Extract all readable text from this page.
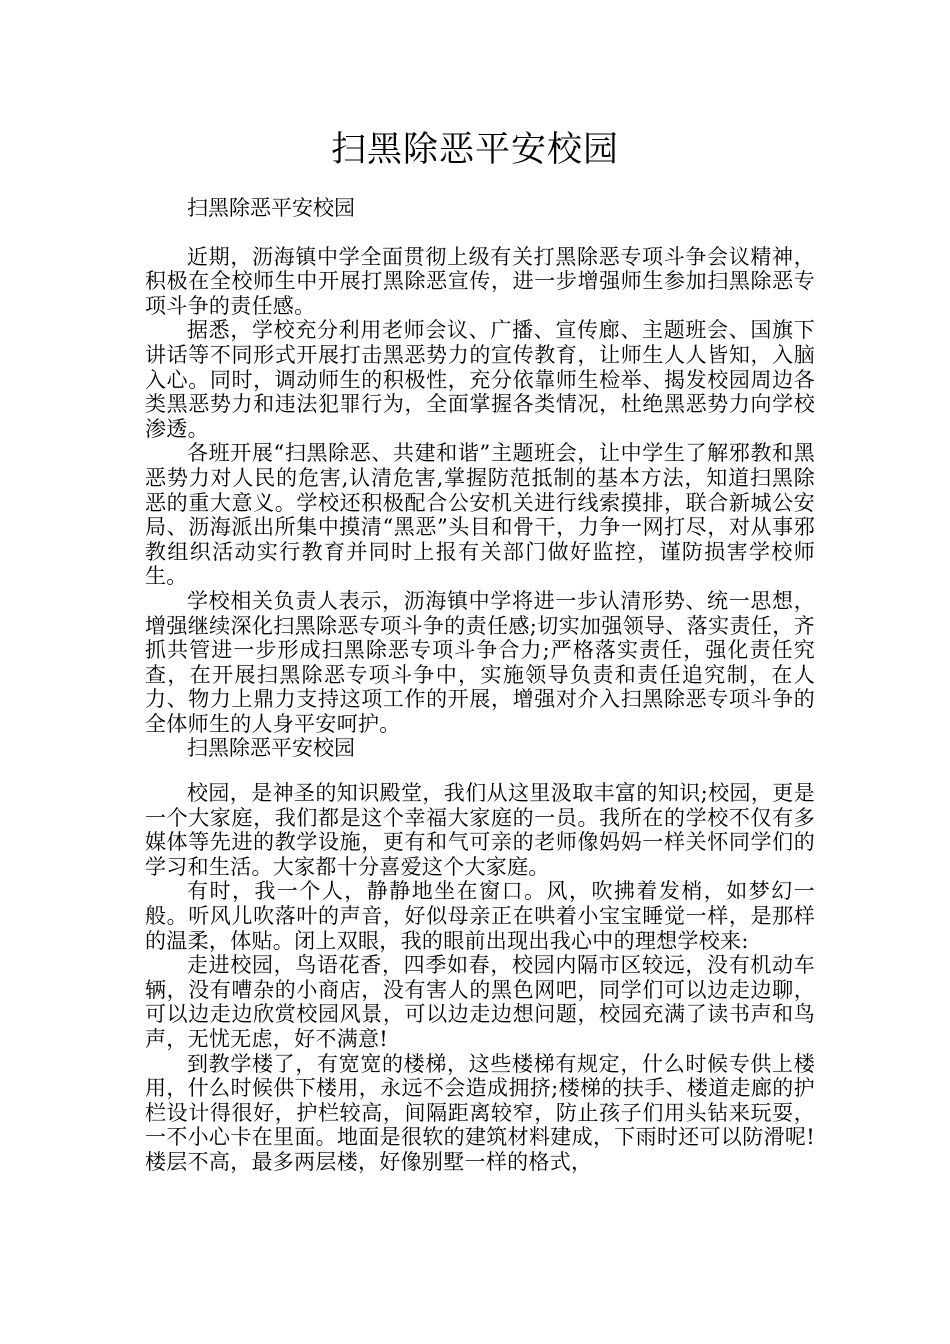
扫黑除恶平安校园

扫黑除恶平安校园

近期，沥海镇中学全面贯彻上级有关打黑除恶专项斗争会议精神，积极在全校师生中开展打黑除恶宣传，进一步增强师生参加扫黑除恶专项斗争的责任感。

据悉，学校充分利用老师会议、广播、宣传廊、主题班会、国旗下讲话等不同形式开展打击黑恶势力的宣传教育，让师生人人皆知，入脑入心。同时，调动师生的积极性，充分依靠师生检举、揭发校园周边各类黑恶势力和违法犯罪行为，全面掌握各类情况，杜绝黑恶势力向学校渗透。

各班开展“扫黑除恶、共建和谐”主题班会，让中学生了解邪教和黑恶势力对人民的危害,认清危害,掌握防范抵制的基本方法，知道扫黑除恶的重大意义。学校还积极配合公安机关进行线索摸排，联合新城公安局、沥海派出所集中摸清“黑恶”头目和骨干，力争一网打尽，对从事邪教组织活动实行教育并同时上报有关部门做好监控，谨防损害学校师生。

学校相关负责人表示，沥海镇中学将进一步认清形势、统一思想，增强继续深化扫黑除恶专项斗争的责任感;切实加强领导、落实责任，齐抓共管进一步形成扫黑除恶专项斗争合力;严格落实责任，强化责任究查，在开展扫黑除恶专项斗争中，实施领导负责和责任追究制，在人力、物力上鼎力支持这项工作的开展，增强对介入扫黑除恶专项斗争的全体师生的人身平安呵护。

扫黑除恶平安校园

校园，是神圣的知识殿堂，我们从这里汲取丰富的知识;校园，更是一个大家庭，我们都是这个幸福大家庭的一员。我所在的学校不仅有多媒体等先进的教学设施，更有和气可亲的老师像妈妈一样关怀同学们的学习和生活。大家都十分喜爱这个大家庭。

有时，我一个人，静静地坐在窗口。风，吹拂着发梢，如梦幻一般。听风儿吹落叶的声音，好似母亲正在哄着小宝宝睡觉一样，是那样的温柔，体贴。闭上双眼，我的眼前出现出我心中的理想学校来:

走进校园，鸟语花香，四季如春，校园内隔市区较远，没有机动车辆，没有嘈杂的小商店，没有害人的黑色网吧，同学们可以边走边聊，可以边走边欣赏校园风景，可以边走边想问题，校园充满了读书声和鸟声，无忧无虑，好不满意!

到教学楼了，有宽宽的楼梯，这些楼梯有规定，什么时候专供上楼用，什么时候供下楼用，永远不会造成拥挤;楼梯的扶手、楼道走廊的护栏设计得很好，护栏较高，间隔距离较窄，防止孩子们用头钻来玩耍，一不小心卡在里面。地面是很软的建筑材料建成，下雨时还可以防滑呢!楼层不高，最多两层楼，好像别墅一样的格式，
